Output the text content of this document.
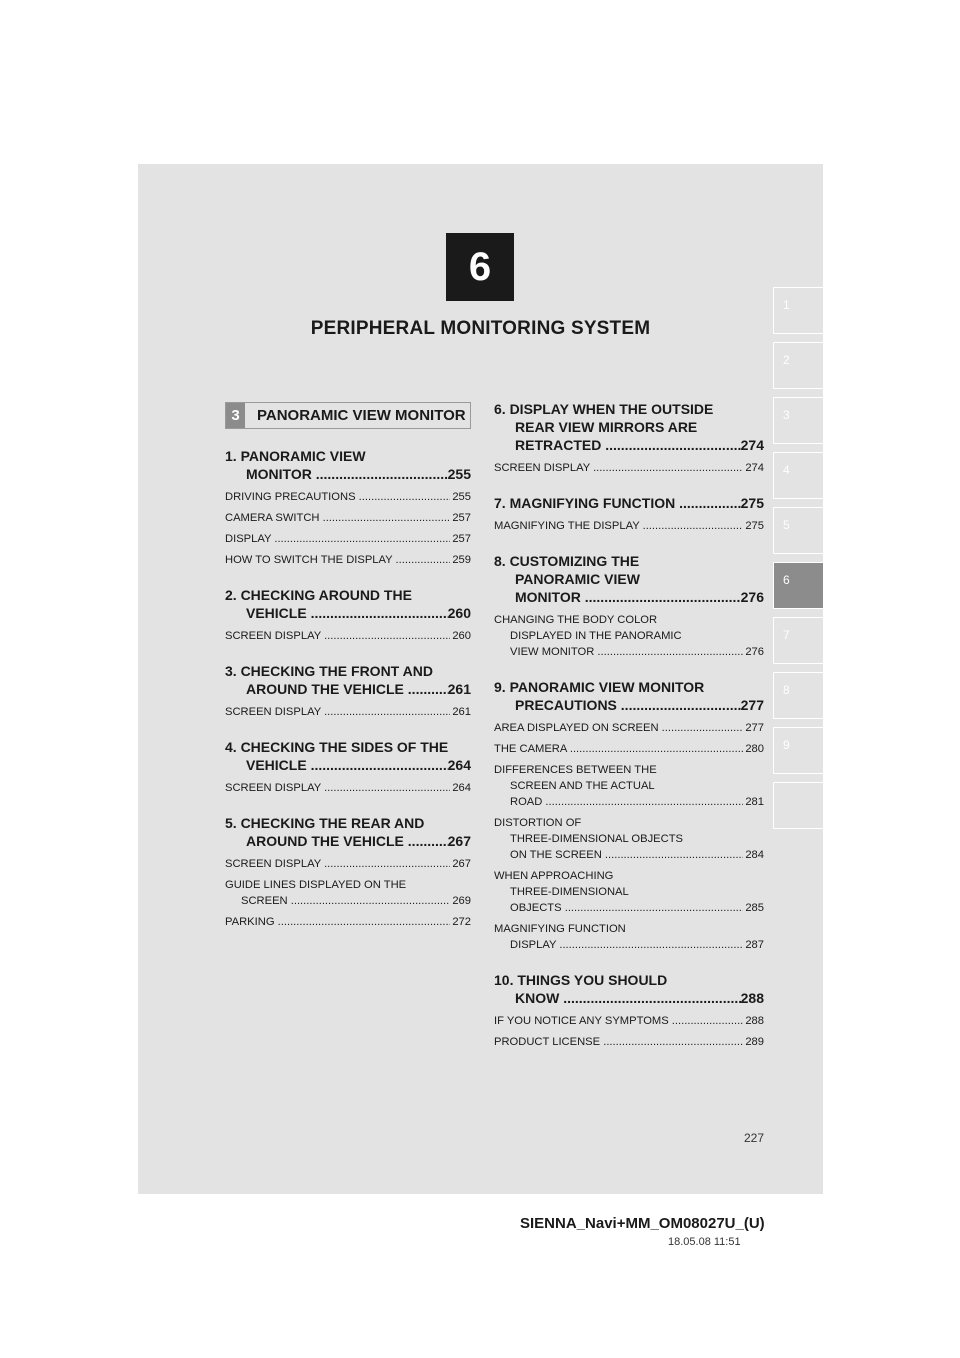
6
PERIPHERAL MONITORING SYSTEM
1
2
3
4
5
6
7
8
9
3	PANORAMIC VIEW MONITOR
1. PANORAMIC VIEW
MONITOR .....	255
DRIVING PRECAUTIONS .....	255
CAMERA SWITCH .....	257
DISPLAY .....	257
HOW TO SWITCH THE DISPLAY .....	259
2. CHECKING AROUND THE
VEHICLE .....	260
SCREEN DISPLAY .....	260
3. CHECKING THE FRONT AND
AROUND THE VEHICLE .....	261
SCREEN DISPLAY .....	261
4. CHECKING THE SIDES OF THE
VEHICLE .....	264
SCREEN DISPLAY .....	264
5. CHECKING THE REAR AND
AROUND THE VEHICLE .....	267
SCREEN DISPLAY .....	267
GUIDE LINES DISPLAYED ON THE
SCREEN .....	269
PARKING .....	272
6. DISPLAY WHEN THE OUTSIDE
REAR VIEW MIRRORS ARE
RETRACTED .....	274
SCREEN DISPLAY .....	274
7. MAGNIFYING FUNCTION .....	275
MAGNIFYING THE DISPLAY .....	275
8. CUSTOMIZING THE
PANORAMIC VIEW
MONITOR .....	276
CHANGING THE BODY COLOR
DISPLAYED IN THE PANORAMIC
VIEW MONITOR .....	276
9. PANORAMIC VIEW MONITOR
PRECAUTIONS .....	277
AREA DISPLAYED ON SCREEN .....	277
THE CAMERA .....	280
DIFFERENCES BETWEEN THE
SCREEN AND THE ACTUAL
ROAD .....	281
DISTORTION OF
THREE-DIMENSIONAL OBJECTS
ON THE SCREEN .....	284
WHEN APPROACHING
THREE-DIMENSIONAL
OBJECTS .....	285
MAGNIFYING FUNCTION
DISPLAY .....	287
10. THINGS YOU SHOULD
KNOW .....	288
IF YOU NOTICE ANY SYMPTOMS .....	288
PRODUCT LICENSE .....	289
227
SIENNA_Navi+MM_OM08027U_(U)
18.05.08 11:51
